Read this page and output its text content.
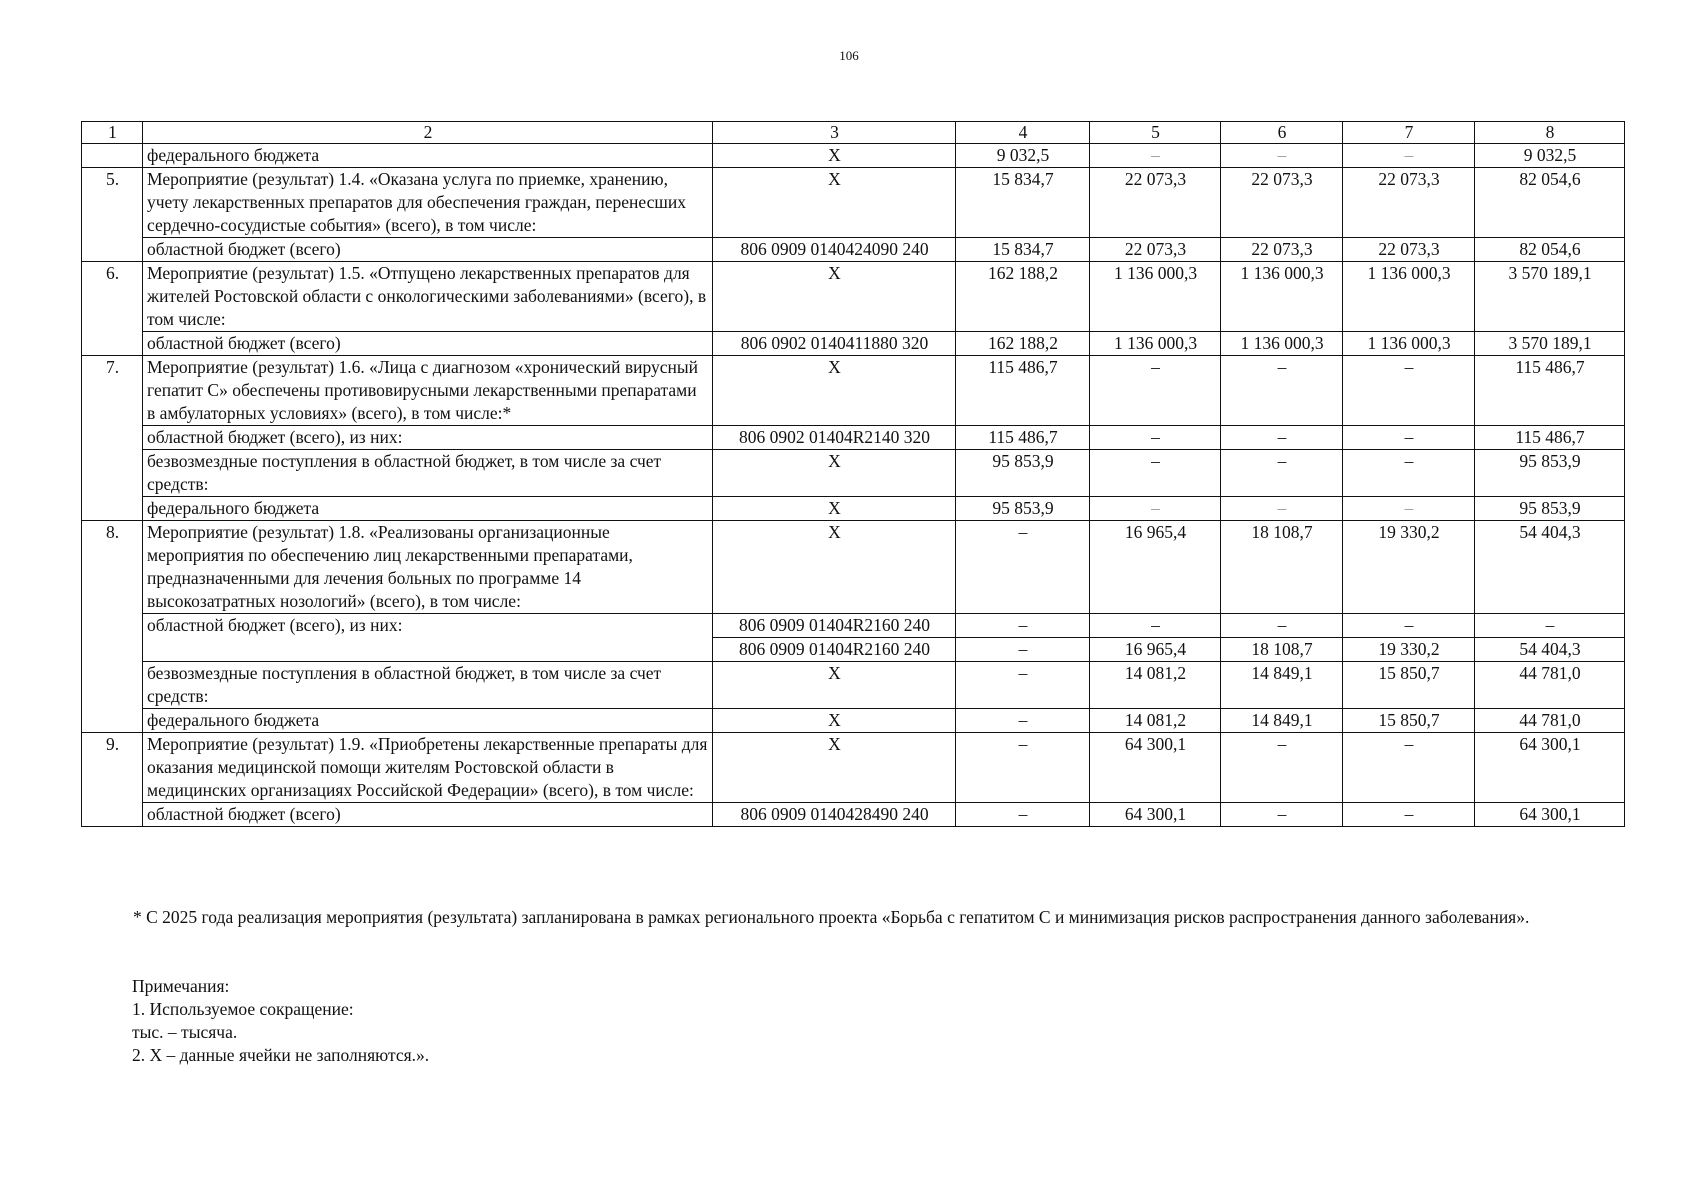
106
1	2	3	4	5	6	7	8
	федерального бюджета	X	9 032,5	–	–	–	9 032,5
5.	Мероприятие (результат) 1.4. «Оказана услуга по приемке, хранению, учету лекарственных препаратов для обеспечения граждан, перенесших сердечно-сосудистые события» (всего), в том числе:	X	15 834,7	22 073,3	22 073,3	22 073,3	82 054,6
	областной бюджет (всего)	806 0909 0140424090 240	15 834,7	22 073,3	22 073,3	22 073,3	82 054,6
6.	Мероприятие (результат) 1.5. «Отпущено лекарственных препаратов для жителей Ростовской области с онкологическими заболеваниями» (всего), в том числе:	X	162 188,2	1 136 000,3	1 136 000,3	1 136 000,3	3 570 189,1
	областной бюджет (всего)	806 0902 0140411880 320	162 188,2	1 136 000,3	1 136 000,3	1 136 000,3	3 570 189,1
7.	Мероприятие (результат) 1.6. «Лица с диагнозом «хронический вирусный гепатит С» обеспечены противовирусными лекарственными препаратами в амбулаторных условиях» (всего), в том числе:*	X	115 486,7	–	–	–	115 486,7
	областной бюджет (всего), из них:	806 0902 01404R2140 320	115 486,7	–	–	–	115 486,7
	безвозмездные поступления в областной бюджет, в том числе за счет средств:	X	95 853,9	–	–	–	95 853,9
	федерального бюджета	X	95 853,9	–	–	–	95 853,9
8.	Мероприятие (результат) 1.8. «Реализованы организационные мероприятия по обеспечению лиц лекарственными препаратами, предназначенными для лечения больных по программе 14 высокозатратных нозологий» (всего), в том числе:	X	–	16 965,4	18 108,7	19 330,2	54 404,3
	областной бюджет (всего), из них:	806 0909 01404R2160 240	–	–	–	–	–
		806 0909 01404R2160 240	–	16 965,4	18 108,7	19 330,2	54 404,3
	безвозмездные поступления в областной бюджет, в том числе за счет средств:	X	–	14 081,2	14 849,1	15 850,7	44 781,0
	федерального бюджета	X	–	14 081,2	14 849,1	15 850,7	44 781,0
9.	Мероприятие (результат) 1.9. «Приобретены лекарственные препараты для оказания медицинской помощи жителям Ростовской области в медицинских организациях Российской Федерации» (всего), в том числе:	X	–	64 300,1	–	–	64 300,1
	областной бюджет (всего)	806 0909 0140428490 240	–	64 300,1	–	–	64 300,1
* С 2025 года реализация мероприятия (результата) запланирована в рамках регионального проекта «Борьба с гепатитом С и минимизация рисков распространения данного заболевания».
Примечания:
1. Используемое сокращение:
тыс. – тысяча.
2. X – данные ячейки не заполняются.».
